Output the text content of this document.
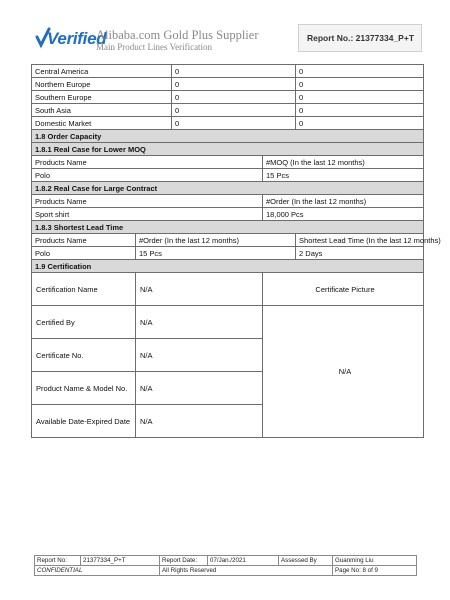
Verified
Alibaba.com Gold Plus Supplier
Main Product Lines Verification
Report No.: 21377334_P+T
Central America		0		0
Northern Europe		0		0
Southern Europe		0		0
South Asia		0		0
Domestic Market		0		0
1.8 Order Capacity				
1.8.1 Real Case for Lower MOQ				
Products Name			#MOQ (In the last 12 months)	
Polo			15 Pcs	
1.8.2 Real Case for Large Contract				
Products Name			#Order (In the last 12 months)	
Sport shirt			18,000 Pcs	
1.8.3 Shortest Lead Time				
Products Name	#Order (In the last 12 months)			Shortest Lead Time (In the last 12 months)
Polo	15 Pcs			2 Days
1.9 Certification				
Certification Name	N/A		Certificate Picture	
Certified By	N/A		N/A	
Certificate No.	N/A			
Product Name & Model No.	N/A			
Available Date-Expired Date	N/A			
Report No:	21377334_P+T	Report Date:	07/Jan./2021	Assessed By	Guanming Liu
CONFIDENTIAL		All Rights Reserved			Page No: 8 of 9
